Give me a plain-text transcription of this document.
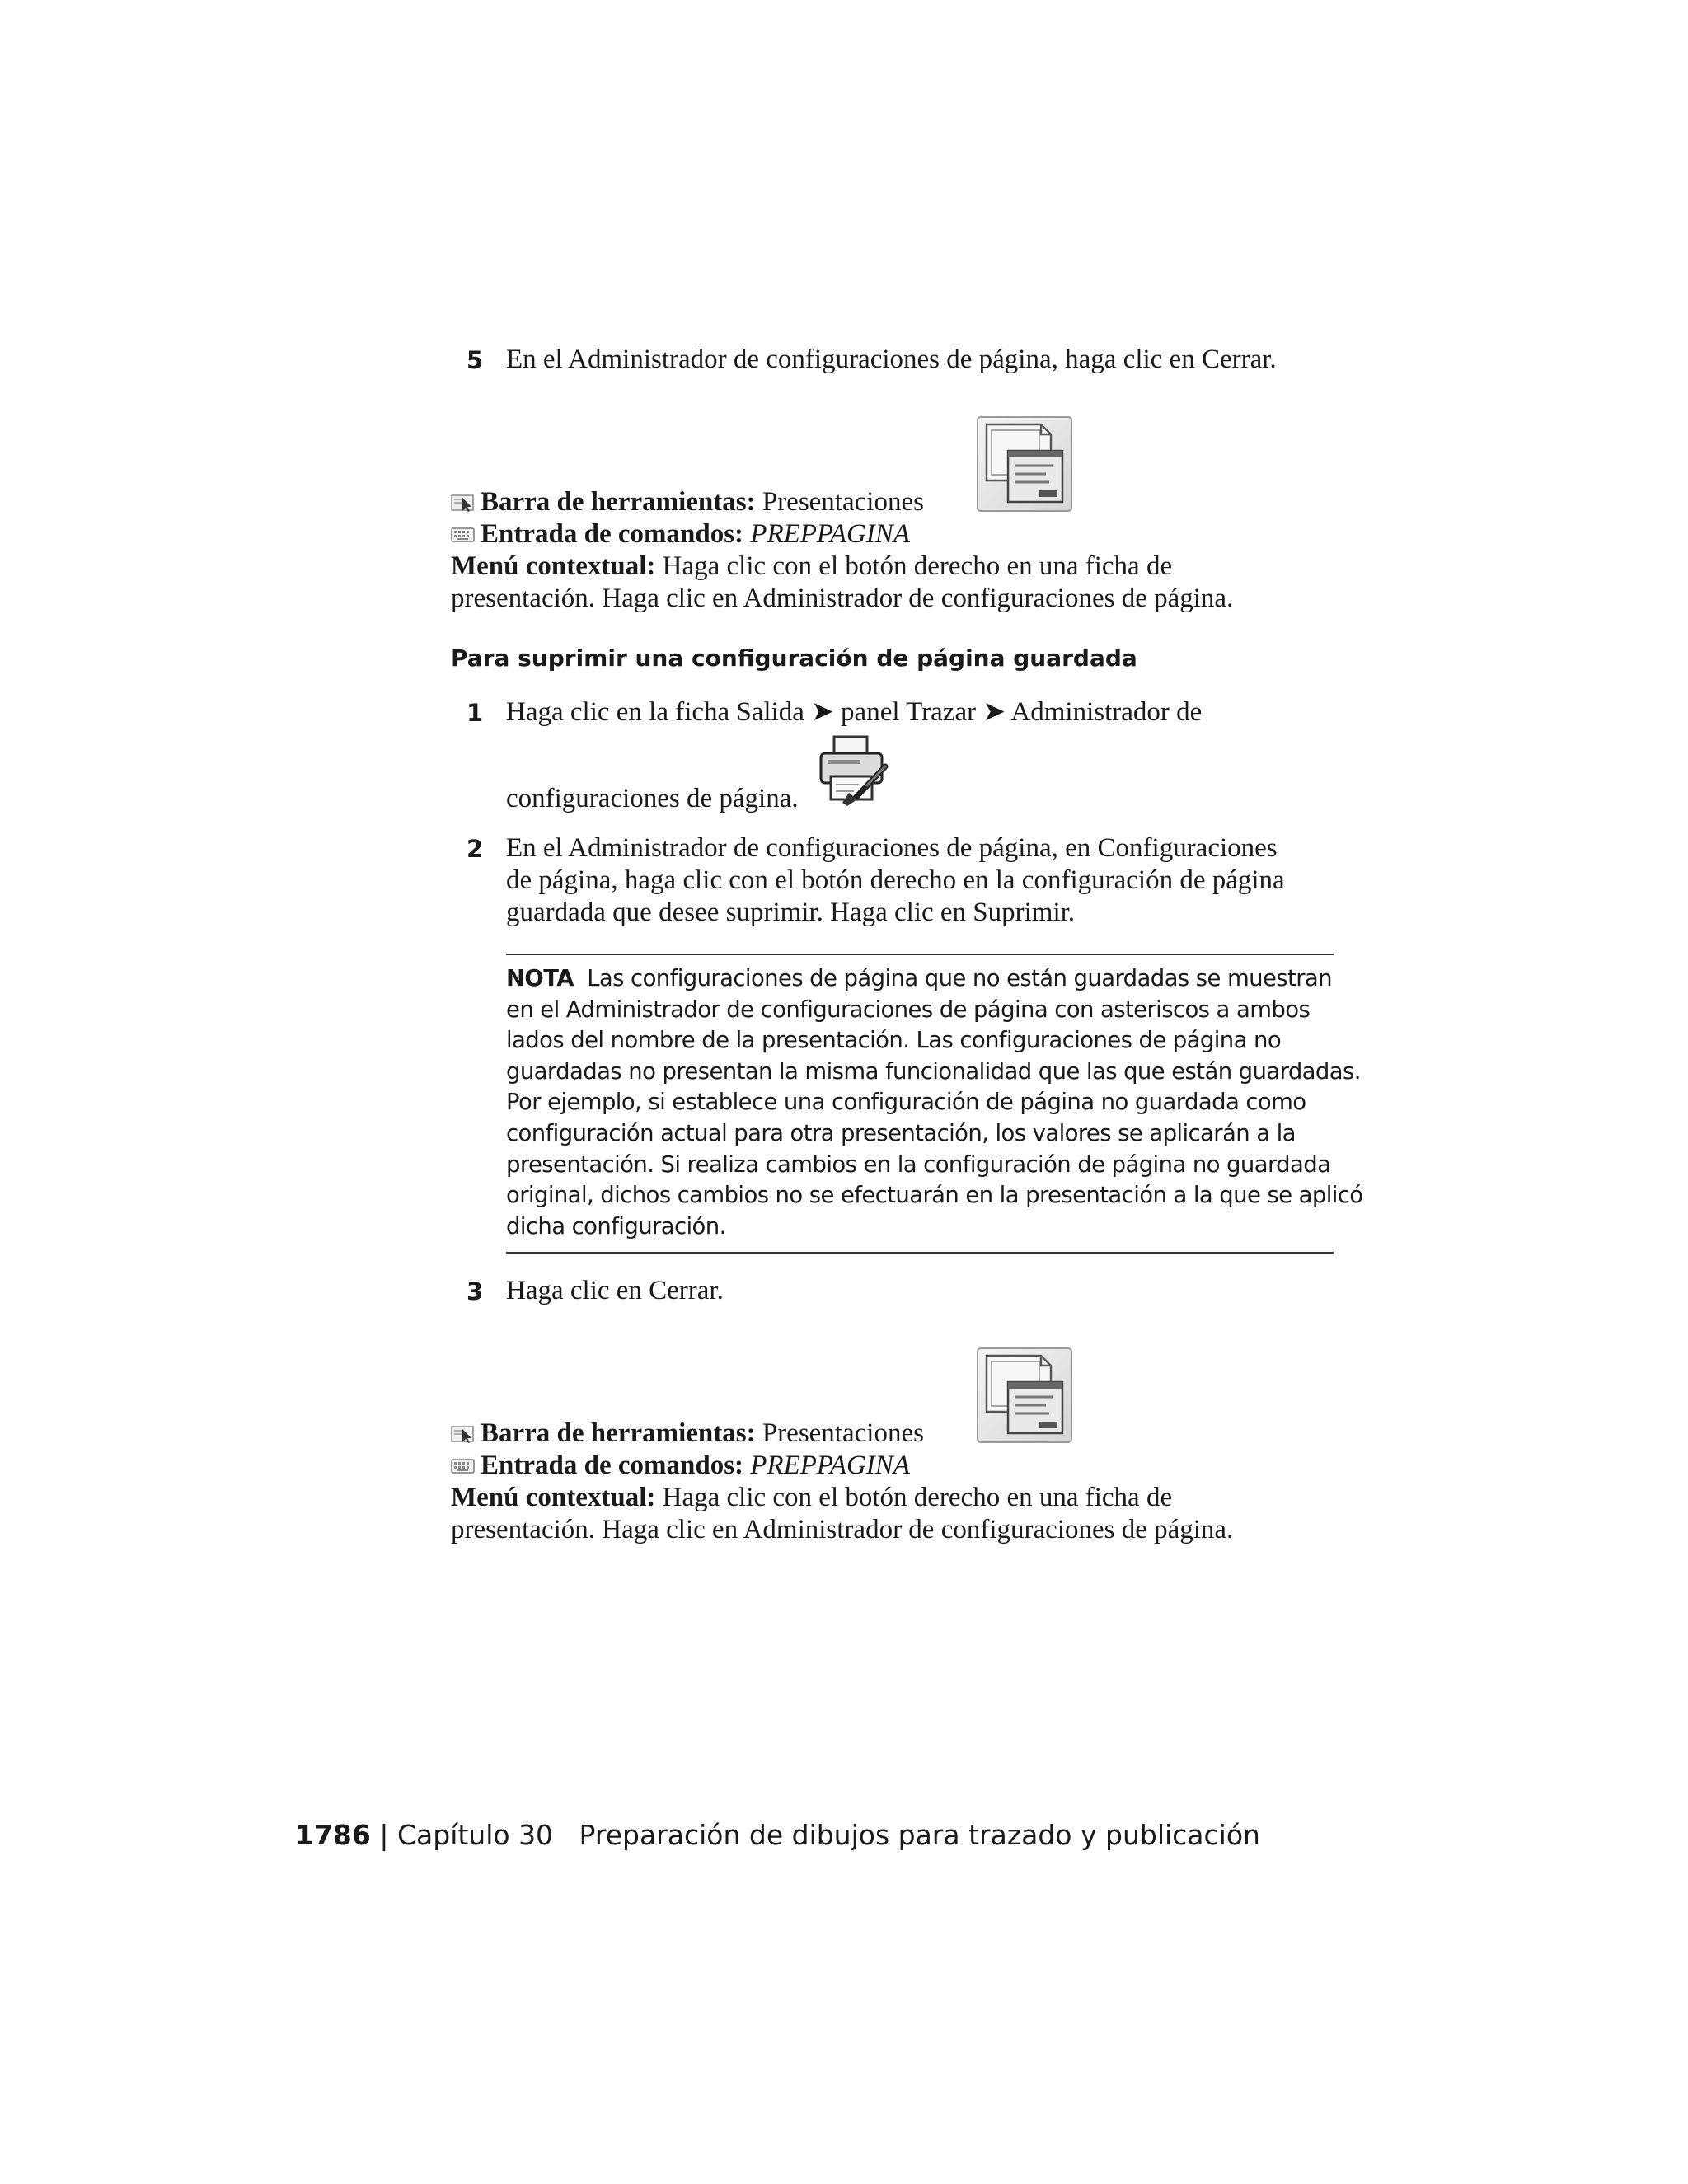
5 En el Administrador de configuraciones de página, haga clic en Cerrar.
Barra de herramientas: Presentaciones
Entrada de comandos: PREPPAGINA
Menú contextual: Haga clic con el botón derecho en una ficha de
presentación. Haga clic en Administrador de configuraciones de página.
Para suprimir una configuración de página guardada
1 Haga clic en la ficha Salida ➤ panel Trazar ➤ Administrador de
configuraciones de página.
2 En el Administrador de configuraciones de página, en Configuraciones
de página, haga clic con el botón derecho en la configuración de página
guardada que desee suprimir. Haga clic en Suprimir.
NOTA Las configuraciones de página que no están guardadas se muestran
en el Administrador de configuraciones de página con asteriscos a ambos
lados del nombre de la presentación. Las configuraciones de página no
guardadas no presentan la misma funcionalidad que las que están guardadas.
Por ejemplo, si establece una configuración de página no guardada como
configuración actual para otra presentación, los valores se aplicarán a la
presentación. Si realiza cambios en la configuración de página no guardada
original, dichos cambios no se efectuarán en la presentación a la que se aplicó
dicha configuración.
3 Haga clic en Cerrar.
Barra de herramientas: Presentaciones
Entrada de comandos: PREPPAGINA
Menú contextual: Haga clic con el botón derecho en una ficha de
presentación. Haga clic en Administrador de configuraciones de página.
1786 | Capítulo 30 Preparación de dibujos para trazado y publicación
